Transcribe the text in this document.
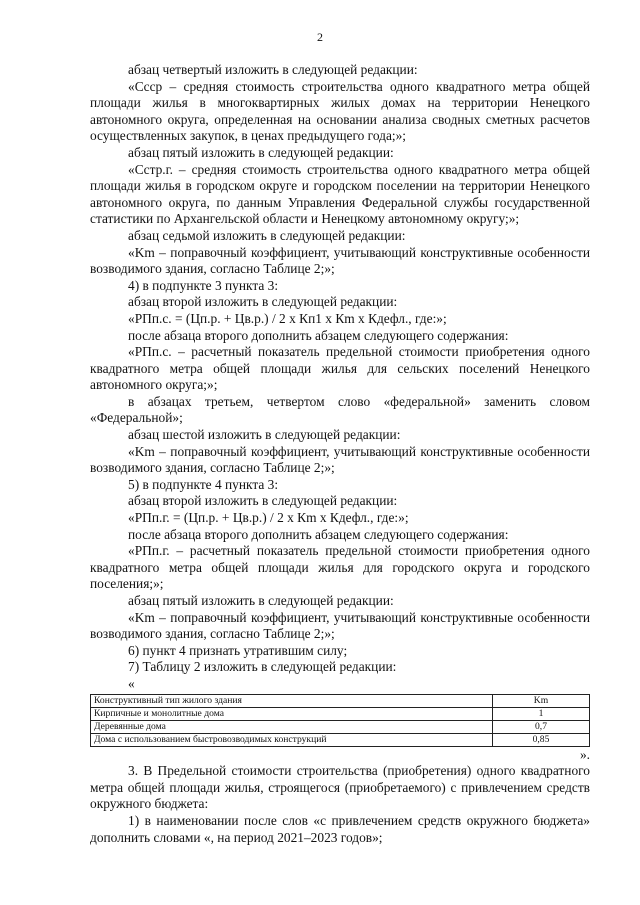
2

абзац четвертый изложить в следующей редакции:

«Сcср – средняя стоимость строительства одного квадратного метра общей площади жилья в многоквартирных жилых домах на территории Ненецкого автономного округа, определенная на основании анализа сводных сметных расчетов осуществленных закупок, в ценах предыдущего года;»;

абзац пятый изложить в следующей редакции:

«Cстр.г. – средняя стоимость строительства одного квадратного метра общей площади жилья в городском округе и городском поселении на территории Ненецкого автономного округа, по данным Управления Федеральной службы государственной статистики по Архангельской области и Ненецкому автономному округу;»;

абзац седьмой изложить в следующей редакции:

«Km – поправочный коэффициент, учитывающий конструктивные особенности возводимого здания, согласно Таблице 2;»;

4) в подпункте 3 пункта 3:

абзац второй изложить в следующей редакции:

«РПп.с. = (Цп.р. + Цв.р.) / 2 х Кп1 х Кm х Кдефл., где:»;

после абзаца второго дополнить абзацем следующего содержания:

«РПп.с. – расчетный показатель предельной стоимости приобретения одного квадратного метра общей площади жилья для сельских поселений Ненецкого автономного округа;»;

в абзацах третьем, четвертом слово «федеральной» заменить словом «Федеральной»;

абзац шестой изложить в следующей редакции:

«Km – поправочный коэффициент, учитывающий конструктивные особенности возводимого здания, согласно Таблице 2;»;

5) в подпункте 4 пункта 3:

абзац второй изложить в следующей редакции:

«РПп.г. = (Цп.р. + Цв.р.) / 2 х Кm х Кдефл., где:»;

после абзаца второго дополнить абзацем следующего содержания:

«РПп.г. – расчетный показатель предельной стоимости приобретения одного квадратного метра общей площади жилья для городского округа и городского поселения;»;

абзац пятый изложить в следующей редакции:

«Km – поправочный коэффициент, учитывающий конструктивные особенности возводимого здания, согласно Таблице 2;»;

6) пункт 4 признать утратившим силу;

7) Таблицу 2 изложить в следующей редакции:

«

Конструктивный тип жилого здания	Km
Кирпичные и монолитные дома	1
Деревянные дома	0,7
Дома с использованием быстровозводимых конструкций	0,85

».

3. В Предельной стоимости строительства (приобретения) одного квадратного метра общей площади жилья, строящегося (приобретаемого) с привлечением средств окружного бюджета:

1) в наименовании после слов «с привлечением средств окружного бюджета» дополнить словами «, на период 2021–2023 годов»;
